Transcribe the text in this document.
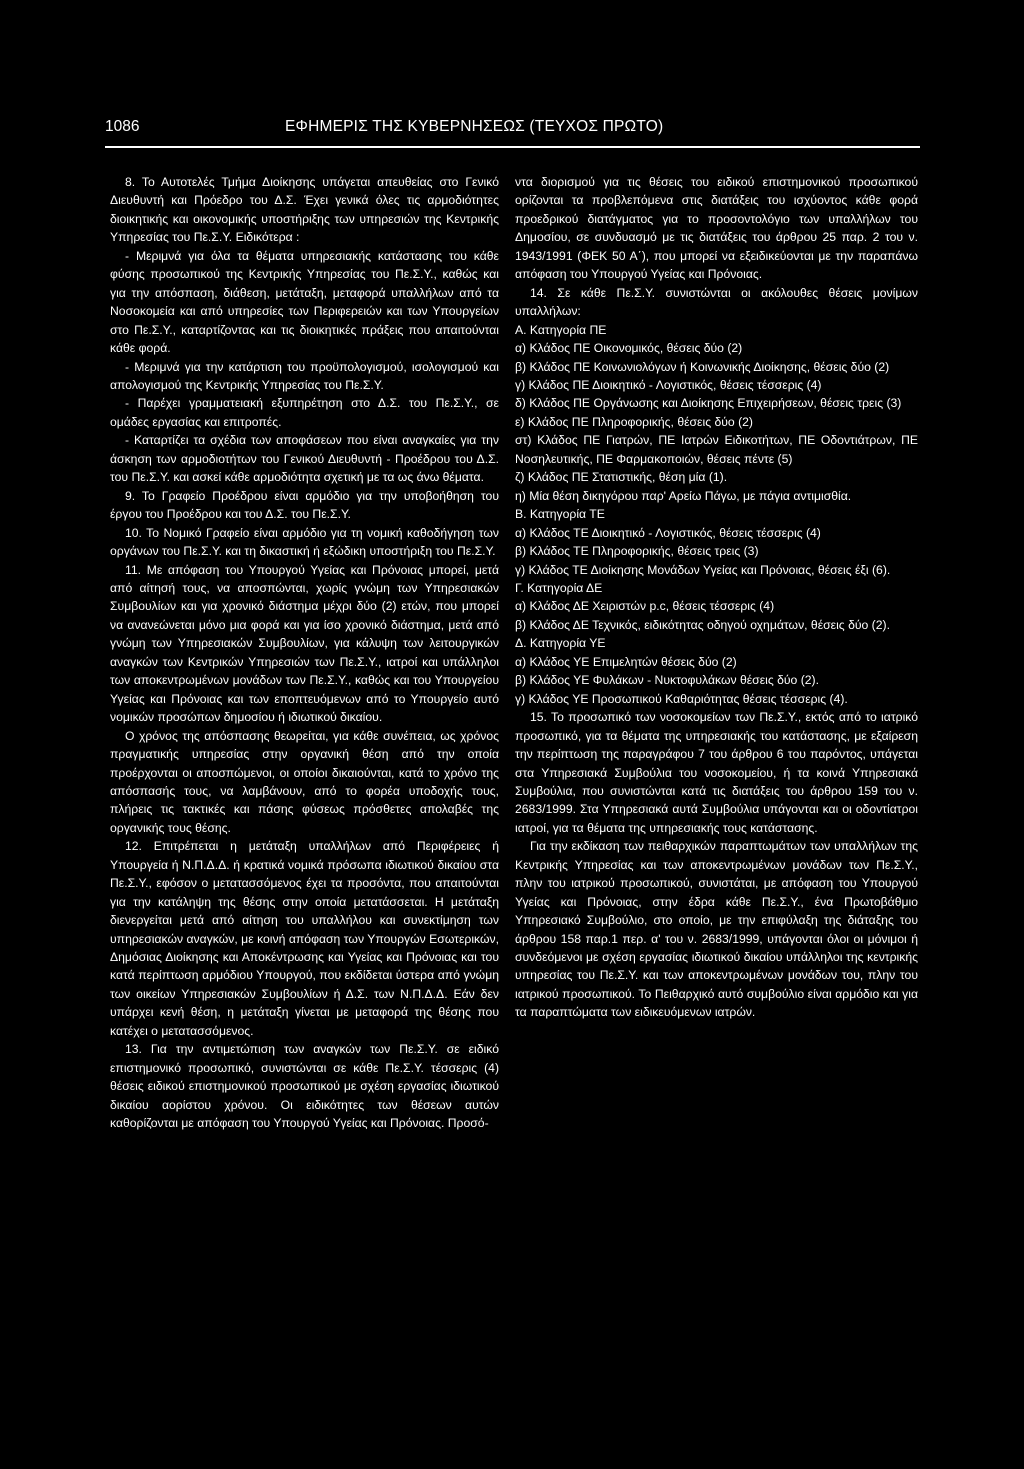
1086	ΕΦΗΜΕΡΙΣ ΤΗΣ ΚΥΒΕΡΝΗΣΕΩΣ (ΤΕΥΧΟΣ ΠΡΩΤΟ)

8. Το Αυτοτελές Τμήμα Διοίκησης υπάγεται απευθείας στο Γενικό Διευθυντή και Πρόεδρο του Δ.Σ. Έχει γενικά όλες τις αρμοδιότητες διοικητικής και οικονομικής υποστήριξης των υπηρεσιών της Κεντρικής Υπηρεσίας του Πε.Σ.Υ. Ειδικότερα :

- Μεριμνά για όλα τα θέματα υπηρεσιακής κατάστασης του κάθε φύσης προσωπικού της Κεντρικής Υπηρεσίας του Πε.Σ.Υ., καθώς και για την απόσπαση, διάθεση, μετάταξη, μεταφορά υπαλλήλων από τα Νοσοκομεία και από υπηρεσίες των Περιφερειών και των Υπουργείων στο Πε.Σ.Υ., καταρτίζοντας και τις διοικητικές πράξεις που απαιτούνται κάθε φορά.

- Μεριμνά για την κατάρτιση του προϋπολογισμού, ισολογισμού και απολογισμού της Κεντρικής Υπηρεσίας του Πε.Σ.Υ.

- Παρέχει γραμματειακή εξυπηρέτηση στο Δ.Σ. του Πε.Σ.Υ., σε ομάδες εργασίας και επιτροπές.

- Καταρτίζει τα σχέδια των αποφάσεων που είναι αναγκαίες για την άσκηση των αρμοδιοτήτων του Γενικού Διευθυντή - Προέδρου του Δ.Σ. του Πε.Σ.Υ. και ασκεί κάθε αρμοδιότητα σχετική με τα ως άνω θέματα.

9. Το Γραφείο Προέδρου είναι αρμόδιο για την υποβοήθηση του έργου του Προέδρου και του Δ.Σ. του Πε.Σ.Υ.

10. Το Νομικό Γραφείο είναι αρμόδιο για τη νομική καθοδήγηση των οργάνων του Πε.Σ.Υ. και τη δικαστική ή εξώδικη υποστήριξη του Πε.Σ.Υ.

11. Με απόφαση του Υπουργού Υγείας και Πρόνοιας μπορεί, μετά από αίτησή τους, να αποσπώνται, χωρίς γνώμη των Υπηρεσιακών Συμβουλίων και για χρονικό διάστημα μέχρι δύο (2) ετών, που μπορεί να ανανεώνεται μόνο μια φορά και για ίσο χρονικό διάστημα, μετά από γνώμη των Υπηρεσιακών Συμβουλίων, για κάλυψη των λειτουργικών αναγκών των Κεντρικών Υπηρεσιών των Πε.Σ.Υ., ιατροί και υπάλληλοι των αποκεντρωμένων μονάδων των Πε.Σ.Υ., καθώς και του Υπουργείου Υγείας και Πρόνοιας και των εποπτευόμενων από το Υπουργείο αυτό νομικών προσώπων δημοσίου ή ιδιωτικού δικαίου.

Ο χρόνος της απόσπασης θεωρείται, για κάθε συνέπεια, ως χρόνος πραγματικής υπηρεσίας στην οργανική θέση από την οποία προέρχονται οι αποσπώμενοι, οι οποίοι δικαιούνται, κατά το χρόνο της απόσπασής τους, να λαμβάνουν, από το φορέα υποδοχής τους, πλήρεις τις τακτικές και πάσης φύσεως πρόσθετες απολαβές της οργανικής τους θέσης.

12. Επιτρέπεται η μετάταξη υπαλλήλων από Περιφέρειες ή Υπουργεία ή Ν.Π.Δ.Δ. ή κρατικά νομικά πρόσωπα ιδιωτικού δικαίου στα Πε.Σ.Υ., εφόσον ο μετατασσόμενος έχει τα προσόντα, που απαιτούνται για την κατάληψη της θέσης στην οποία μετατάσσεται. Η μετάταξη διενεργείται μετά από αίτηση του υπαλλήλου και συνεκτίμηση των υπηρεσιακών αναγκών, με κοινή απόφαση των Υπουργών Εσωτερικών, Δημόσιας Διοίκησης και Αποκέντρωσης και Υγείας και Πρόνοιας και του κατά περίπτωση αρμόδιου Υπουργού, που εκδίδεται ύστερα από γνώμη των οικείων Υπηρεσιακών Συμβουλίων ή Δ.Σ. των Ν.Π.Δ.Δ. Εάν δεν υπάρχει κενή θέση, η μετάταξη γίνεται με μεταφορά της θέσης που κατέχει ο μετατασσόμενος.

13. Για την αντιμετώπιση των αναγκών των Πε.Σ.Υ. σε ειδικό επιστημονικό προσωπικό, συνιστώνται σε κάθε Πε.Σ.Υ. τέσσερις (4) θέσεις ειδικού επιστημονικού προσωπικού με σχέση εργασίας ιδιωτικού δικαίου αορίστου χρόνου. Οι ειδικότητες των θέσεων αυτών καθορίζονται με απόφαση του Υπουργού Υγείας και Πρόνοιας. Προσό-

ντα διορισμού για τις θέσεις του ειδικού επιστημονικού προσωπικού ορίζονται τα προβλεπόμενα στις διατάξεις του ισχύοντος κάθε φορά προεδρικού διατάγματος για το προσοντολόγιο των υπαλλήλων του Δημοσίου, σε συνδυασμό με τις διατάξεις του άρθρου 25 παρ. 2 του ν. 1943/1991 (ΦΕΚ 50 Α΄), που μπορεί να εξειδικεύονται με την παραπάνω απόφαση του Υπουργού Υγείας και Πρόνοιας.

14. Σε κάθε Πε.Σ.Υ. συνιστώνται οι ακόλουθες θέσεις μονίμων υπαλλήλων:

Α. Κατηγορία ΠΕ

α) Κλάδος ΠΕ Οικονομικός, θέσεις δύο (2)

β) Κλάδος ΠΕ Κοινωνιολόγων ή Κοινωνικής Διοίκησης, θέσεις δύο (2)

γ) Κλάδος ΠΕ Διοικητικό - Λογιστικός, θέσεις τέσσερις (4)

δ) Κλάδος ΠΕ Οργάνωσης και Διοίκησης Επιχειρήσεων, θέσεις τρεις (3)

ε) Κλάδος ΠΕ Πληροφορικής, θέσεις δύο (2)

στ) Κλάδος ΠΕ Γιατρών, ΠΕ Ιατρών Ειδικοτήτων, ΠΕ Οδοντιάτρων, ΠΕ Νοσηλευτικής, ΠΕ Φαρμακοποιών, θέσεις πέντε (5)

ζ) Κλάδος ΠΕ Στατιστικής, θέση μία (1).

η) Μία θέση δικηγόρου παρ' Αρείω Πάγω, με πάγια αντιμισθία.

Β. Κατηγορία ΤΕ

α) Κλάδος ΤΕ Διοικητικό - Λογιστικός, θέσεις τέσσερις (4)

β) Κλάδος ΤΕ Πληροφορικής, θέσεις τρεις (3)

γ) Κλάδος ΤΕ Διοίκησης Μονάδων Υγείας και Πρόνοιας, θέσεις έξι (6).

Γ. Κατηγορία ΔΕ

α) Κλάδος ΔΕ Χειριστών p.c, θέσεις τέσσερις (4)

β) Κλάδος ΔΕ Τεχνικός, ειδικότητας οδηγού οχημάτων, θέσεις δύο (2).

Δ. Κατηγορία ΥΕ

α) Κλάδος ΥΕ Επιμελητών θέσεις δύο (2)

β) Κλάδος ΥΕ Φυλάκων - Νυκτοφυλάκων θέσεις δύο (2).

γ) Κλάδος ΥΕ Προσωπικού Καθαριότητας θέσεις τέσσερις (4).

15. Το προσωπικό των νοσοκομείων των Πε.Σ.Υ., εκτός από το ιατρικό προσωπικό, για τα θέματα της υπηρεσιακής του κατάστασης, με εξαίρεση την περίπτωση της παραγράφου 7 του άρθρου 6 του παρόντος, υπάγεται στα Υπηρεσιακά Συμβούλια του νοσοκομείου, ή τα κοινά Υπηρεσιακά Συμβούλια, που συνιστώνται κατά τις διατάξεις του άρθρου 159 του ν. 2683/1999. Στα Υπηρεσιακά αυτά Συμβούλια υπάγονται και οι οδοντίατροι ιατροί, για τα θέματα της υπηρεσιακής τους κατάστασης.

Για την εκδίκαση των πειθαρχικών παραπτωμάτων των υπαλλήλων της Κεντρικής Υπηρεσίας και των αποκεντρωμένων μονάδων των Πε.Σ.Υ., πλην του ιατρικού προσωπικού, συνιστάται, με απόφαση του Υπουργού Υγείας και Πρόνοιας, στην έδρα κάθε Πε.Σ.Υ., ένα Πρωτοβάθμιο Υπηρεσιακό Συμβούλιο, στο οποίο, με την επιφύλαξη της διάταξης του άρθρου 158 παρ.1 περ. α' του ν. 2683/1999, υπάγονται όλοι οι μόνιμοι ή συνδεόμενοι με σχέση εργασίας ιδιωτικού δικαίου υπάλληλοι της κεντρικής υπηρεσίας του Πε.Σ.Υ. και των αποκεντρωμένων μονάδων του, πλην του ιατρικού προσωπικού. Το Πειθαρχικό αυτό συμβούλιο είναι αρμόδιο και για τα παραπτώματα των ειδικευόμενων ιατρών.
